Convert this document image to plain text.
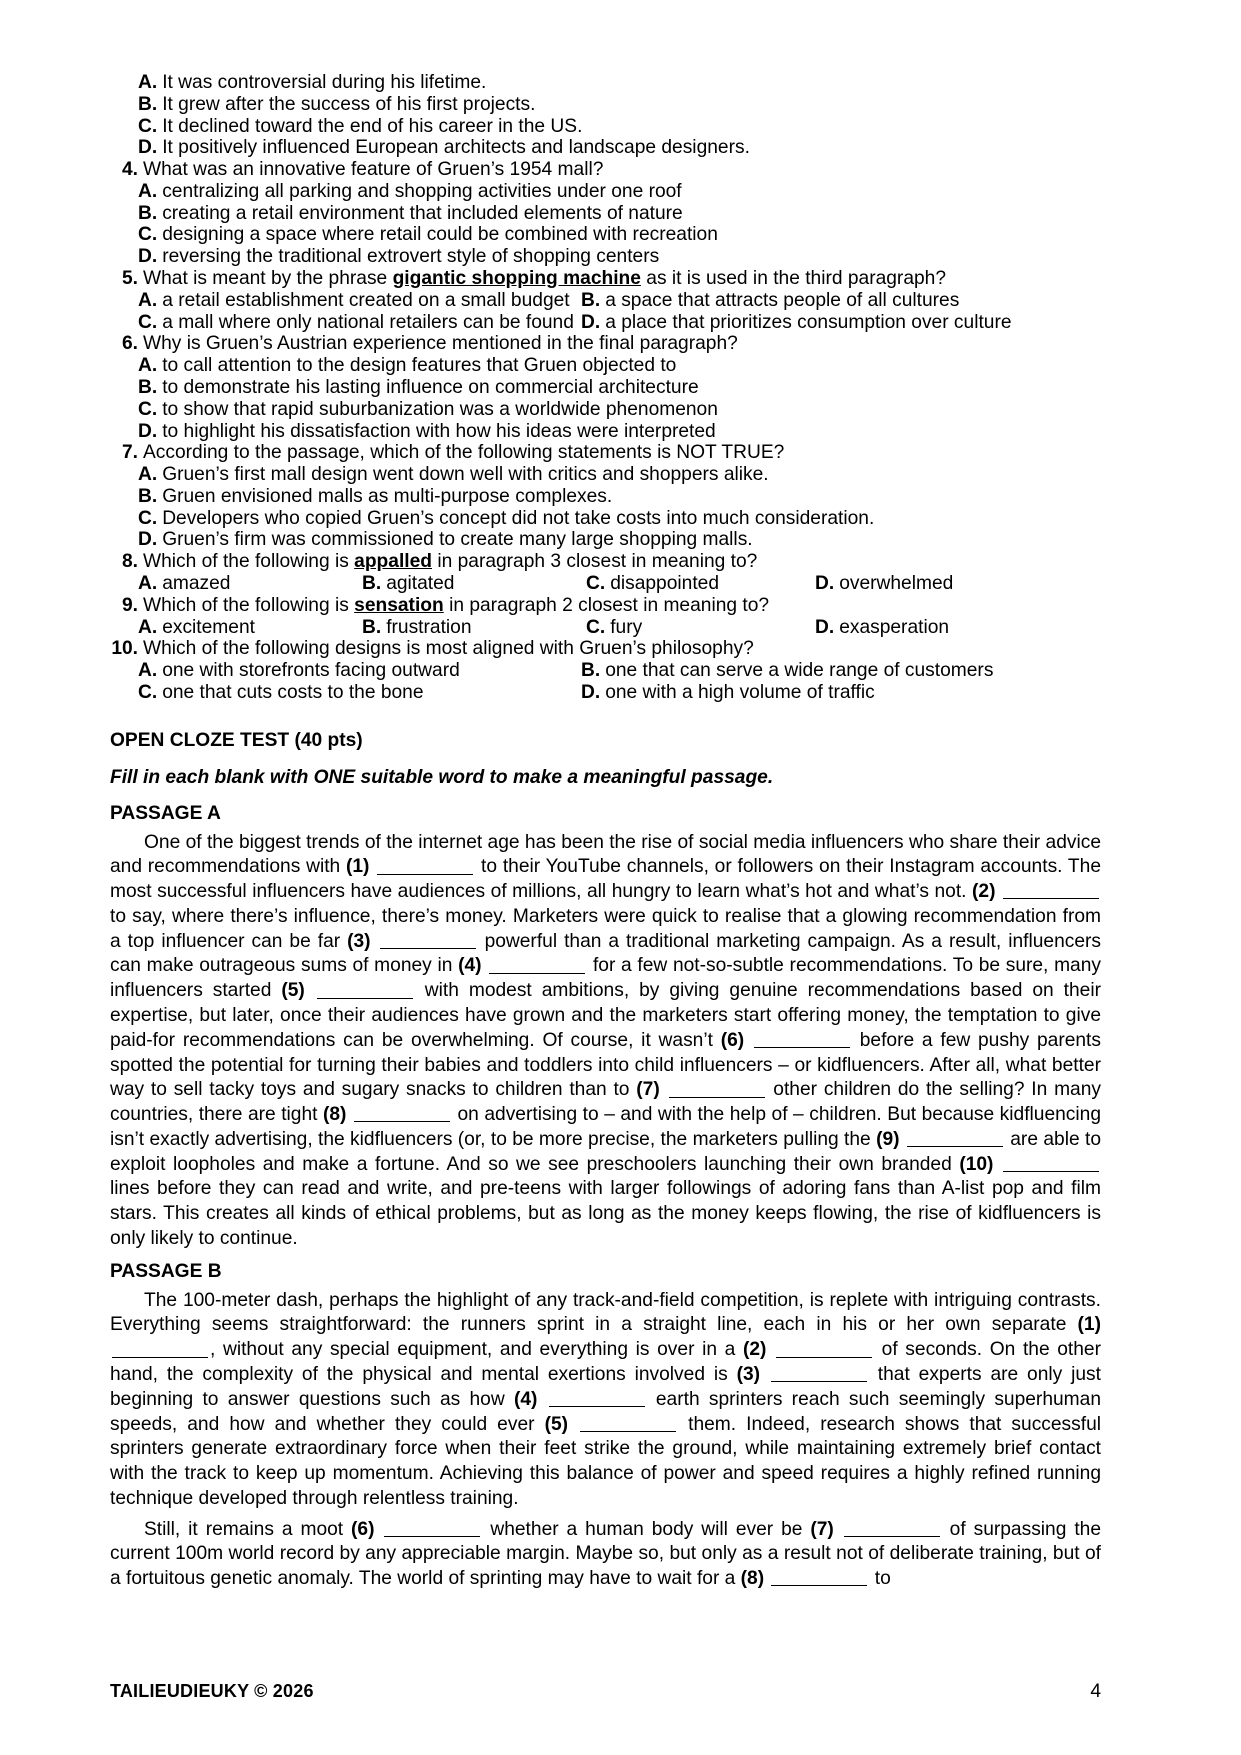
A. It was controversial during his lifetime.
B. It grew after the success of his first projects.
C. It declined toward the end of his career in the US.
D. It positively influenced European architects and landscape designers.
4. What was an innovative feature of Gruen’s 1954 mall?
A. centralizing all parking and shopping activities under one roof
B. creating a retail environment that included elements of nature
C. designing a space where retail could be combined with recreation
D. reversing the traditional extrovert style of shopping centers
5. What is meant by the phrase gigantic shopping machine as it is used in the third paragraph?
A. a retail establishment created on a small budget B. a space that attracts people of all cultures
C. a mall where only national retailers can be found D. a place that prioritizes consumption over culture
6. Why is Gruen’s Austrian experience mentioned in the final paragraph?
A. to call attention to the design features that Gruen objected to
B. to demonstrate his lasting influence on commercial architecture
C. to show that rapid suburbanization was a worldwide phenomenon
D. to highlight his dissatisfaction with how his ideas were interpreted
7. According to the passage, which of the following statements is NOT TRUE?
A. Gruen’s first mall design went down well with critics and shoppers alike.
B. Gruen envisioned malls as multi-purpose complexes.
C. Developers who copied Gruen’s concept did not take costs into much consideration.
D. Gruen’s firm was commissioned to create many large shopping malls.
8. Which of the following is appalled in paragraph 3 closest in meaning to?
A. amazed	B. agitated	C. disappointed	D. overwhelmed
9. Which of the following is sensation in paragraph 2 closest in meaning to?
A. excitement	B. frustration	C. fury	D. exasperation
10. Which of the following designs is most aligned with Gruen’s philosophy?
A. one with storefronts facing outward	B. one that can serve a wide range of customers
C. one that cuts costs to the bone	D. one with a high volume of traffic
OPEN CLOZE TEST (40 pts)
Fill in each blank with ONE suitable word to make a meaningful passage.
PASSAGE A
One of the biggest trends of the internet age has been the rise of social media influencers who share their advice and recommendations with (1)	to their YouTube channels, or followers on their Instagram accounts. The most successful influencers have audiences of millions, all hungry to learn what’s hot and what’s not. (2)  to say, where there’s influence, there’s money. Marketers were quick to realise that a glowing recommendation from a top influencer can be far (3)	powerful than a traditional marketing campaign. As a result, influencers can make outrageous sums of money in (4)	for a few not-so-subtle recommendations. To be sure, many influencers started (5)	with modest ambitions, by giving genuine recommendations based on their expertise, but later, once their audiences have grown and the marketers start offering money, the temptation to give paid-for recommendations can be overwhelming. Of course, it wasn’t (6)	before a few pushy parents spotted the potential for turning their babies and toddlers into child influencers – or kidfluencers. After all, what better way to sell tacky toys and sugary snacks to children than to (7)	other children do the selling? In many countries, there are tight (8)	on advertising to – and with the help of – children. But because kidfluencing isn’t exactly advertising, the kidfluencers (or, to be more precise, the marketers pulling the (9)	are able to exploit loopholes and make a fortune. And so we see preschoolers launching their own branded (10)  lines before they can read and write, and pre-teens with larger followings of adoring fans than A-list pop and film stars. This creates all kinds of ethical problems, but as long as the money keeps flowing, the rise of kidfluencers is only likely to continue.
PASSAGE B
The 100-meter dash, perhaps the highlight of any track-and-field competition, is replete with intriguing contrasts. Everything seems straightforward: the runners sprint in a straight line, each in his or her own separate (1) , without any special equipment, and everything is over in a (2)	of seconds. On the other hand, the complexity of the physical and mental exertions involved is (3)	that experts are only just beginning to answer questions such as how (4)	earth sprinters reach such seemingly superhuman speeds, and how and whether they could ever (5)	them. Indeed, research shows that successful sprinters generate extraordinary force when their feet strike the ground, while maintaining extremely brief contact with the track to keep up momentum. Achieving this balance of power and speed requires a highly refined running technique developed through relentless training.
Still, it remains a moot (6)	whether a human body will ever be (7)	of surpassing the current 100m world record by any appreciable margin. Maybe so, but only as a result not of deliberate training, but of a fortuitous genetic anomaly. The world of sprinting may have to wait for a (8)	to
TAILIEUDIEUKY © 2026	4
